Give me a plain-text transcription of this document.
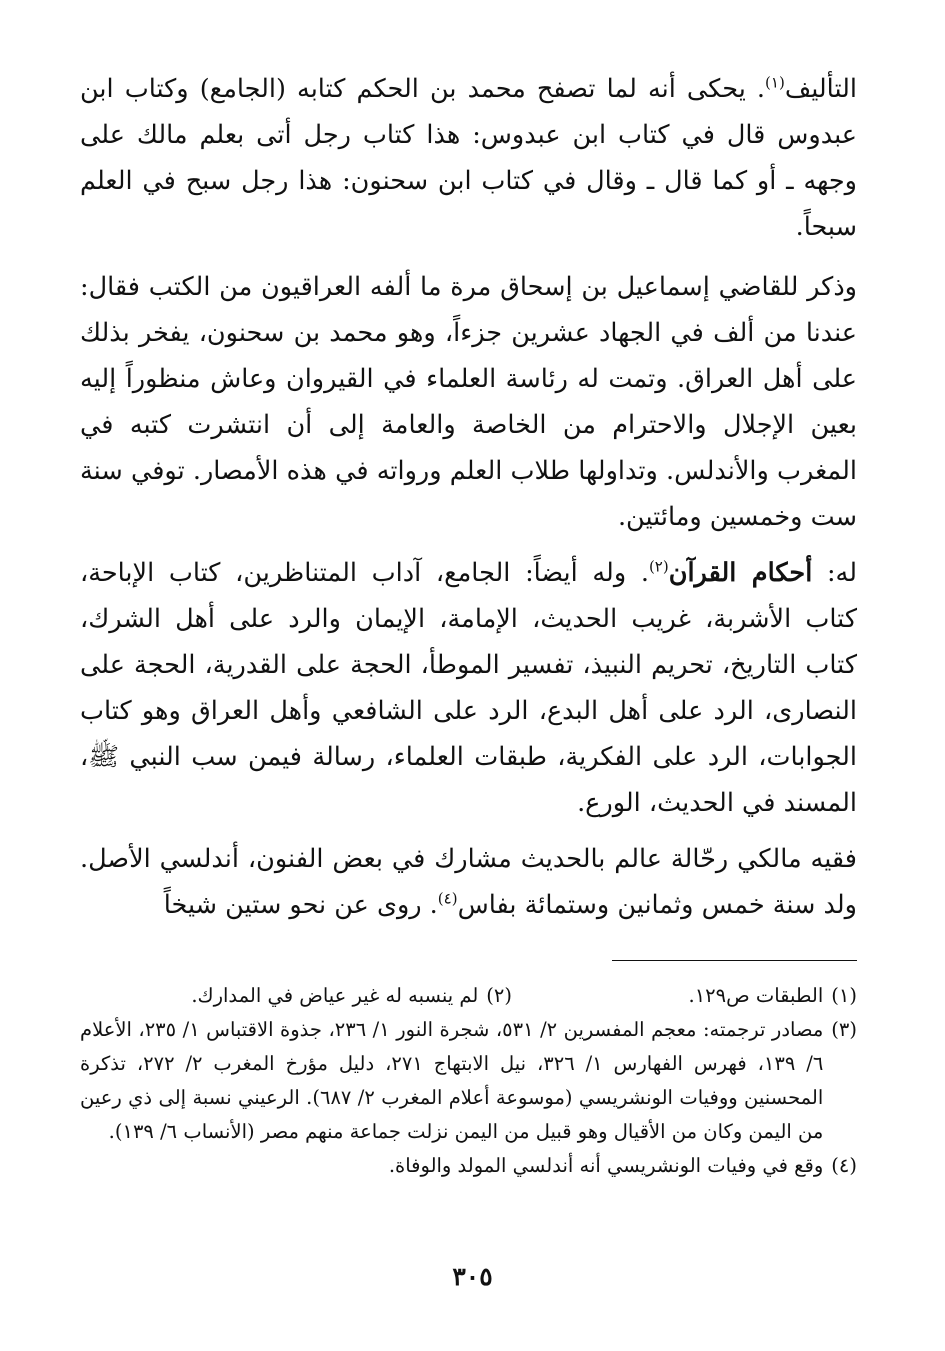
التأليف$^{(١)}$. يحكى أنه لما تصفح محمد بن الحكم كتابه (الجامع) وكتاب ابن عبدوس قال في كتاب ابن عبدوس: هذا كتاب رجل أتى بعلم مالك على وجهه ـ أو كما قال ـ وقال في كتاب ابن سحنون: هذا رجل سبح في العلم سبحاً.

وذكر للقاضي إسماعيل بن إسحاق مرة ما ألفه العراقيون من الكتب فقال: عندنا من ألف في الجهاد عشرين جزءاً، وهو محمد بن سحنون، يفخر بذلك على أهل العراق. وتمت له رئاسة العلماء في القيروان وعاش منظوراً إليه بعين الإجلال والاحترام من الخاصة والعامة إلى أن انتشرت كتبه في المغرب والأندلس. وتداولها طلاب العلم ورواته في هذه الأمصار. توفي سنة ست وخمسين ومائتين.

له: أحكام القرآن$^{(٢)}$. وله أيضاً: الجامع، آداب المتناظرين، كتاب الإباحة، كتاب الأشربة، غريب الحديث، الإمامة، الإيمان والرد على أهل الشرك، كتاب التاريخ، تحريم النبيذ، تفسير الموطأ، الحجة على القدرية، الحجة على النصارى، الرد على أهل البدع، الرد على الشافعي وأهل العراق وهو كتاب الجوابات، الرد على الفكرية، طبقات العلماء، رسالة فيمن سب النبي ﷺ، المسند في الحديث، الورع.

فقيه مالكي رحّالة عالم بالحديث مشارك في بعض الفنون، أندلسي الأصل. ولد سنة خمس وثمانين وستمائة بفاس$^{(٤)}$. روى عن نحو ستين شيخاً

(١)
الطبقات ص١٢٩.
(٢)
لم ينسبه له غير عياض في المدارك.
(٣)
مصادر ترجمته: معجم المفسرين ٢/ ٥٣١، شجرة النور ١/ ٢٣٦، جذوة الاقتباس ١/ ٢٣٥، الأعلام ٦/ ١٣٩، فهرس الفهارس ١/ ٣٢٦، نيل الابتهاج ٢٧١، دليل مؤرخ المغرب ٢/ ٢٧٢، تذكرة المحسنين ووفيات الونشريسي (موسوعة أعلام المغرب ٢/ ٦٨٧). الرعيني نسبة إلى ذي رعين من اليمن وكان من الأقيال وهو قبيل من اليمن نزلت جماعة منهم مصر (الأنساب ٦/ ١٣٩).
(٤)
وقع في وفيات الونشريسي أنه أندلسي المولد والوفاة.
٣٠٥
